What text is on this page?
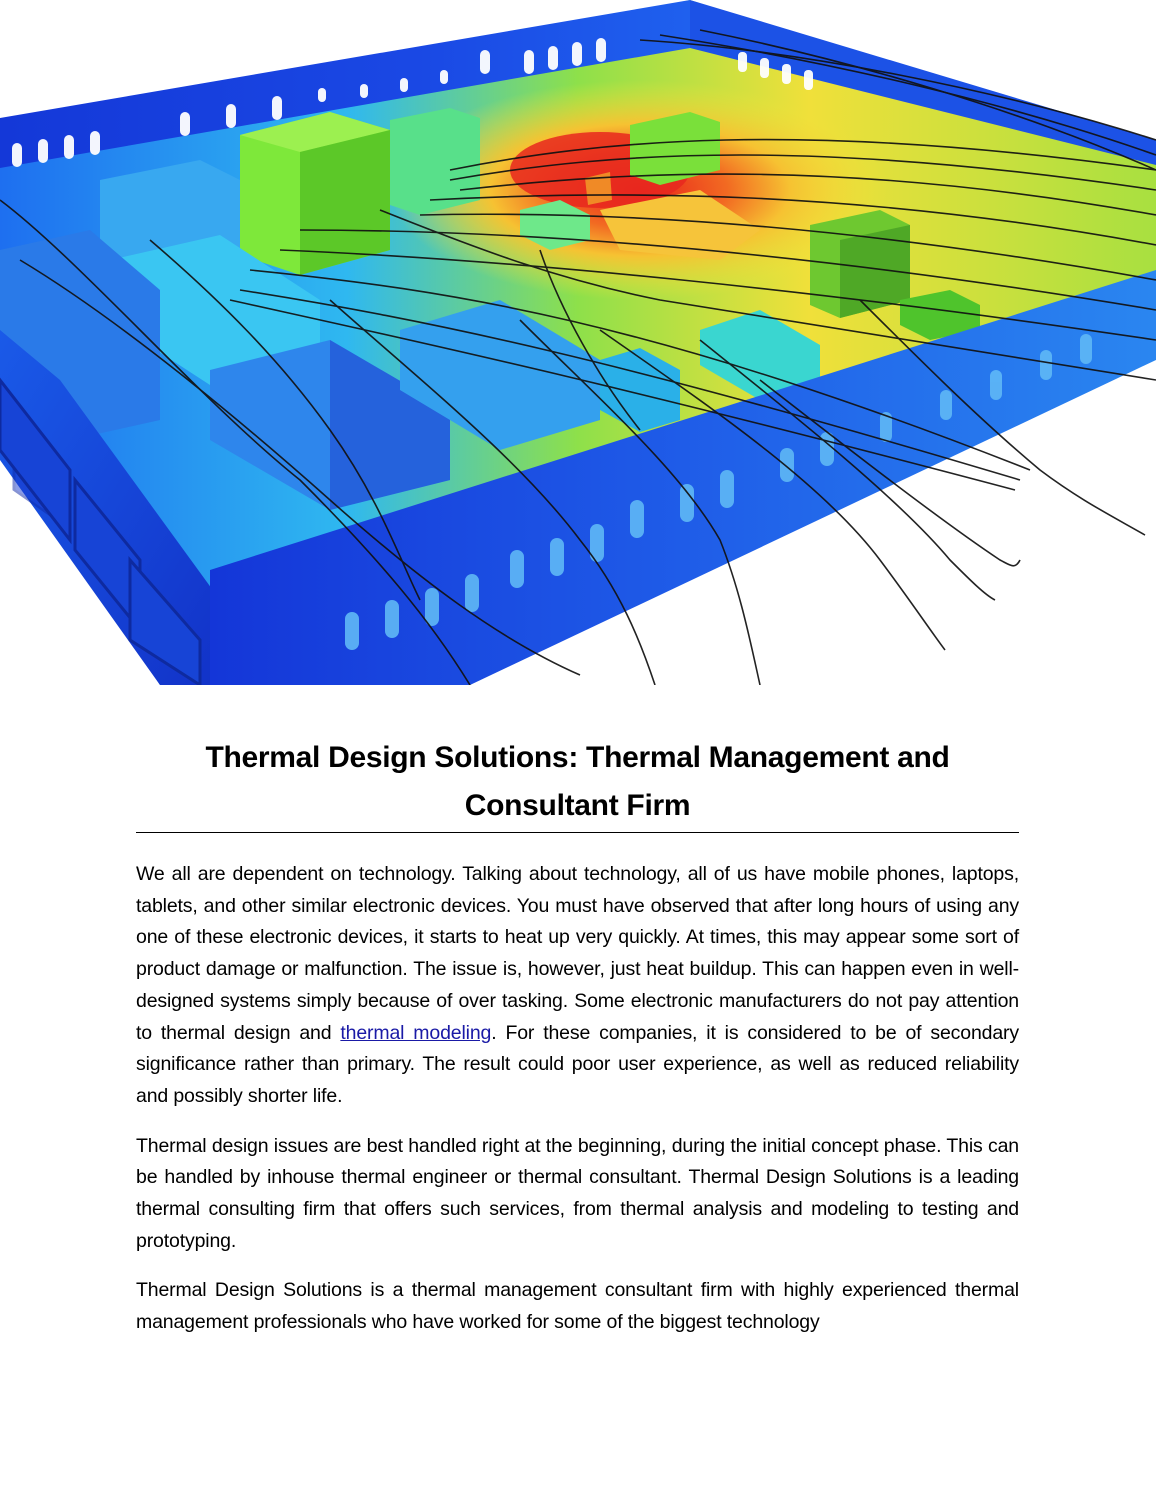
Thermal Design Solutions: Thermal Management and Consultant Firm

We all are dependent on technology. Talking about technology, all of us have mobile phones, laptops, tablets, and other similar electronic devices. You must have observed that after long hours of using any one of these electronic devices, it starts to heat up very quickly. At times, this may appear some sort of product damage or malfunction. The issue is, however, just heat buildup. This can happen even in well-designed systems simply because of over tasking. Some electronic manufacturers do not pay attention to thermal design and thermal modeling. For these companies, it is considered to be of secondary significance rather than primary. The result could poor user experience, as well as reduced reliability and possibly shorter life.

Thermal design issues are best handled right at the beginning, during the initial concept phase. This can be handled by inhouse thermal engineer or thermal consultant. Thermal Design Solutions is a leading thermal consulting firm that offers such services, from thermal analysis and modeling to testing and prototyping.

Thermal Design Solutions is a thermal management consultant firm with highly experienced thermal management professionals who have worked for some of the biggest technology
